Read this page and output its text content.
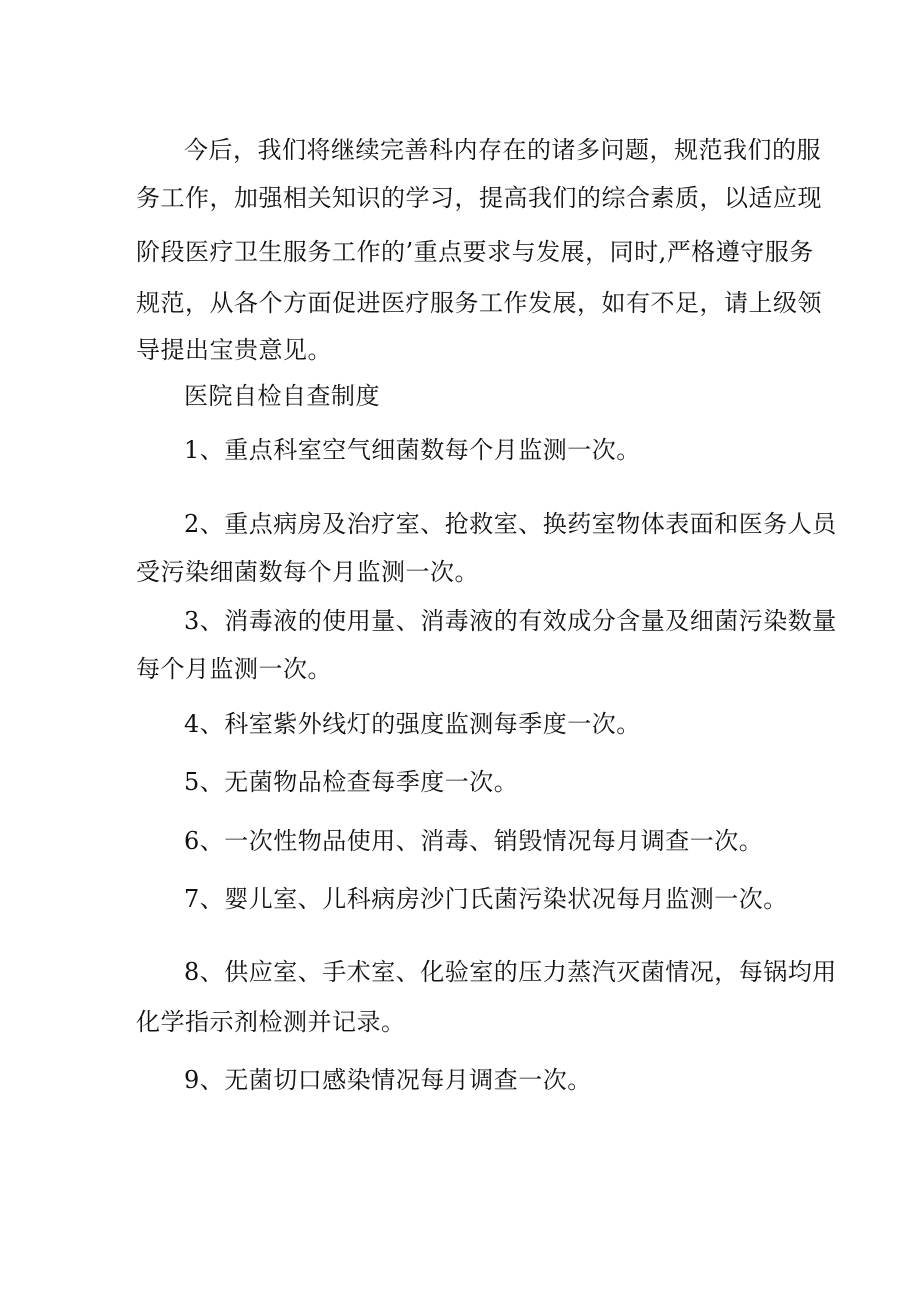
今后，我们将继续完善科内存在的诸多问题，规范我们的服
务工作，加强相关知识的学习，提高我们的综合素质，以适应现
阶段医疗卫生服务工作的’重点要求与发展，同时,严格遵守服务
规范，从各个方面促进医疗服务工作发展，如有不足，请上级领
导提出宝贵意见。
医院自检自查制度
1、重点科室空气细菌数每个月监测一次。
2、重点病房及治疗室、抢救室、换药室物体表面和医务人员
受污染细菌数每个月监测一次。
3、消毒液的使用量、消毒液的有效成分含量及细菌污染数量
每个月监测一次。
4、科室紫外线灯的强度监测每季度一次。
5、无菌物品检查每季度一次。
6、一次性物品使用、消毒、销毁情况每月调查一次。
7、婴儿室、儿科病房沙门氏菌污染状况每月监测一次。
8、供应室、手术室、化验室的压力蒸汽灭菌情况，每锅均用
化学指示剂检测并记录。
9、无菌切口感染情况每月调查一次。
